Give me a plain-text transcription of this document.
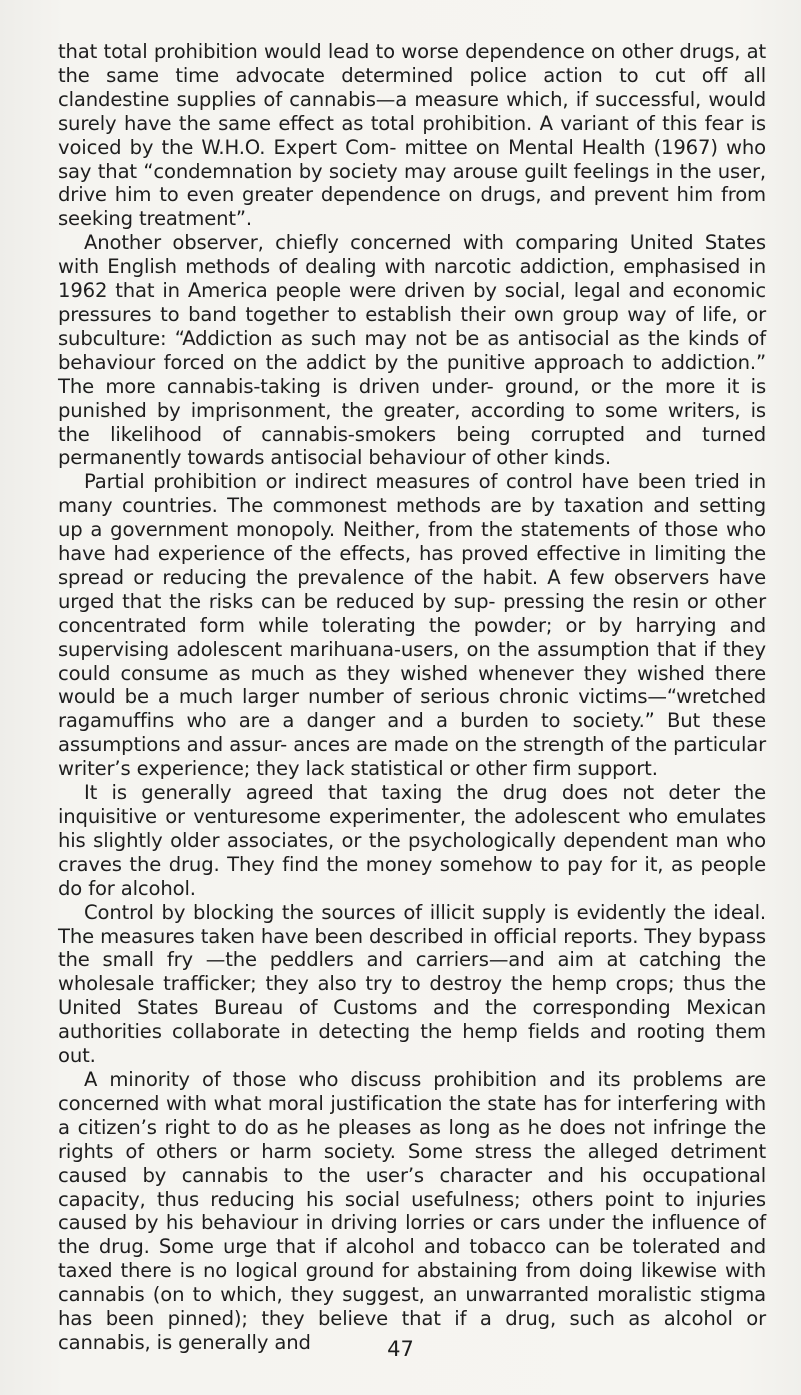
that total prohibition would lead to worse dependence on other drugs, at the same time advocate determined police action to cut off all clandestine supplies of cannabis—a measure which, if successful, would surely have the same effect as total prohibition. A variant of this fear is voiced by the W.H.O. Expert Com- mittee on Mental Health (1967) who say that “condemnation by society may arouse guilt feelings in the user, drive him to even greater dependence on drugs, and prevent him from seeking treatment”.

Another observer, chiefly concerned with comparing United States with English methods of dealing with narcotic addiction, emphasised in 1962 that in America people were driven by social, legal and economic pressures to band together to establish their own group way of life, or subculture: “Addiction as such may not be as antisocial as the kinds of behaviour forced on the addict by the punitive approach to addiction.” The more cannabis-taking is driven under- ground, or the more it is punished by imprisonment, the greater, according to some writers, is the likelihood of cannabis-smokers being corrupted and turned permanently towards antisocial behaviour of other kinds.

Partial prohibition or indirect measures of control have been tried in many countries. The commonest methods are by taxation and setting up a government monopoly. Neither, from the statements of those who have had experience of the effects, has proved effective in limiting the spread or reducing the prevalence of the habit. A few observers have urged that the risks can be reduced by sup- pressing the resin or other concentrated form while tolerating the powder; or by harrying and supervising adolescent marihuana-users, on the assumption that if they could consume as much as they wished whenever they wished there would be a much larger number of serious chronic victims—“wretched ragamuffins who are a danger and a burden to society.” But these assumptions and assur- ances are made on the strength of the particular writer’s experience; they lack statistical or other firm support.

It is generally agreed that taxing the drug does not deter the inquisitive or venturesome experimenter, the adolescent who emulates his slightly older associates, or the psychologically dependent man who craves the drug. They find the money somehow to pay for it, as people do for alcohol.

Control by blocking the sources of illicit supply is evidently the ideal. The measures taken have been described in official reports. They bypass the small fry —the peddlers and carriers—and aim at catching the wholesale trafficker; they also try to destroy the hemp crops; thus the United States Bureau of Customs and the corresponding Mexican authorities collaborate in detecting the hemp fields and rooting them out.

A minority of those who discuss prohibition and its problems are concerned with what moral justification the state has for interfering with a citizen’s right to do as he pleases as long as he does not infringe the rights of others or harm society. Some stress the alleged detriment caused by cannabis to the user’s character and his occupational capacity, thus reducing his social usefulness; others point to injuries caused by his behaviour in driving lorries or cars under the influence of the drug. Some urge that if alcohol and tobacco can be tolerated and taxed there is no logical ground for abstaining from doing likewise with cannabis (on to which, they suggest, an unwarranted moralistic stigma has been pinned); they believe that if a drug, such as alcohol or cannabis, is generally and	47
